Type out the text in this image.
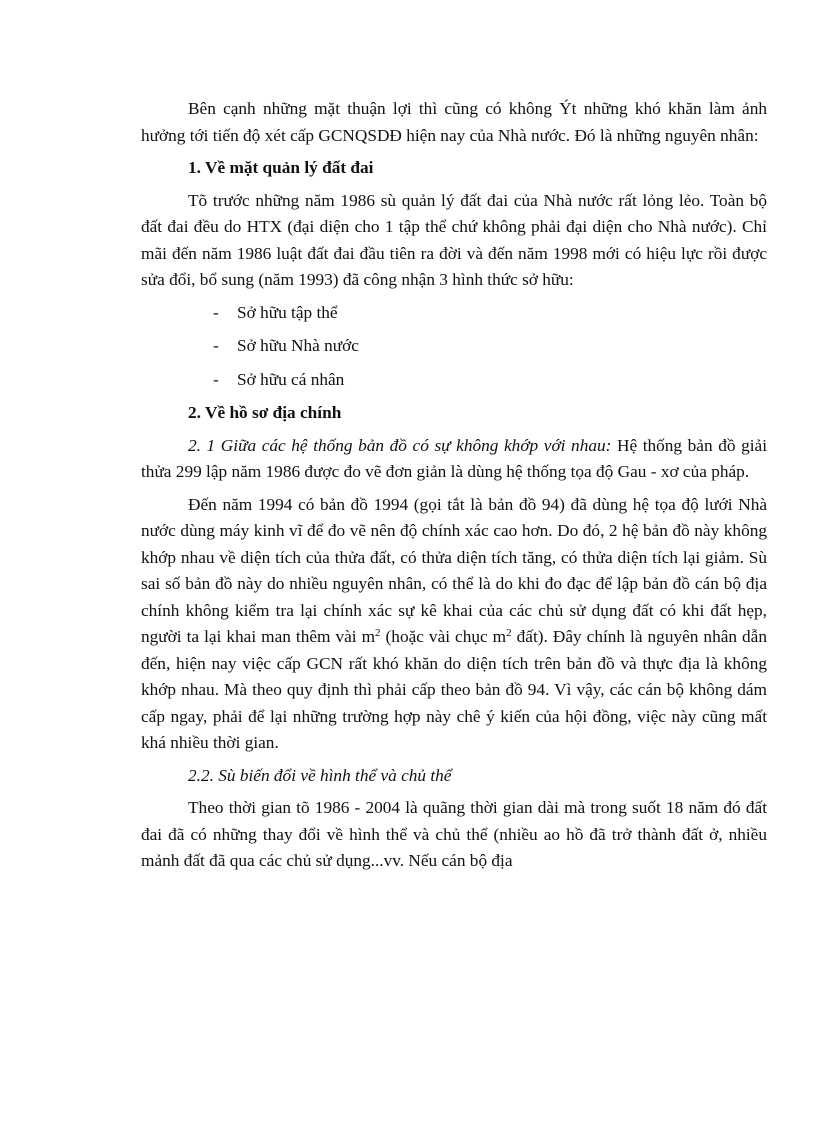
Bên cạnh những mặt thuận lợi thì cũng có không Ýt những khó khăn làm ảnh hưởng tới tiến độ xét cấp GCNQSDĐ hiện nay của Nhà nước. Đó là những nguyên nhân:

1. Về mặt quản lý đất đai

Tõ trước những năm 1986 sù quản lý đất đai của Nhà nước rất lỏng lẻo. Toàn bộ đất đai đều do HTX (đại diện cho 1 tập thể chứ không phải đại diện cho Nhà nước). Chỉ mãi đến năm 1986 luật đất đai đầu tiên ra đời và đến năm 1998 mới có hiệu lực rồi được sửa đổi, bổ sung (năm 1993) đã công nhận 3 hình thức sở hữu:

- Sở hữu tập thể
- Sở hữu Nhà nước
- Sở hữu cá nhân

2. Về hồ sơ địa chính

2. 1 Giữa các hệ thống bản đồ có sự không khớp với nhau: Hệ thống bản đồ giải thửa 299 lập năm 1986 được đo vẽ đơn giản là dùng hệ thống tọa độ Gau - xơ của pháp.

Đến năm 1994 có bản đồ 1994 (gọi tắt là bản đồ 94) đã dùng hệ tọa độ lưới Nhà nước dùng máy kinh vĩ để đo vẽ nên độ chính xác cao hơn. Do đó, 2 hệ bản đồ này không khớp nhau về diện tích của thửa đất, có thửa diện tích tăng, có thửa diện tích lại giảm. Sù sai số bản đồ này do nhiều nguyên nhân, có thể là do khi đo đạc để lập bản đồ cán bộ địa chính không kiểm tra lại chính xác sự kê khai của các chủ sử dụng đất có khi đất hẹp, người ta lại khai man thêm vài $m^2$ (hoặc vài chục $m^2$ đất). Đây chính là nguyên nhân dẫn đến, hiện nay việc cấp GCN rất khó khăn do diện tích trên bản đồ và thực địa là không khớp nhau. Mà theo quy định thì phải cấp theo bản đồ 94. Vì vậy, các cán bộ không dám cấp ngay, phải để lại những trường hợp này chê ý kiến của hội đồng, việc này cũng mất khá nhiều thời gian.

2.2. Sù biến đổi về hình thể và chủ thể

Theo thời gian tõ 1986 - 2004 là quãng thời gian dài mà trong suốt 18 năm đó đất đai đã có những thay đổi về hình thể và chủ thể (nhiều ao hồ đã trở thành đất ở, nhiều mảnh đất đã qua các chủ sử dụng...vv. Nếu cán bộ địa
